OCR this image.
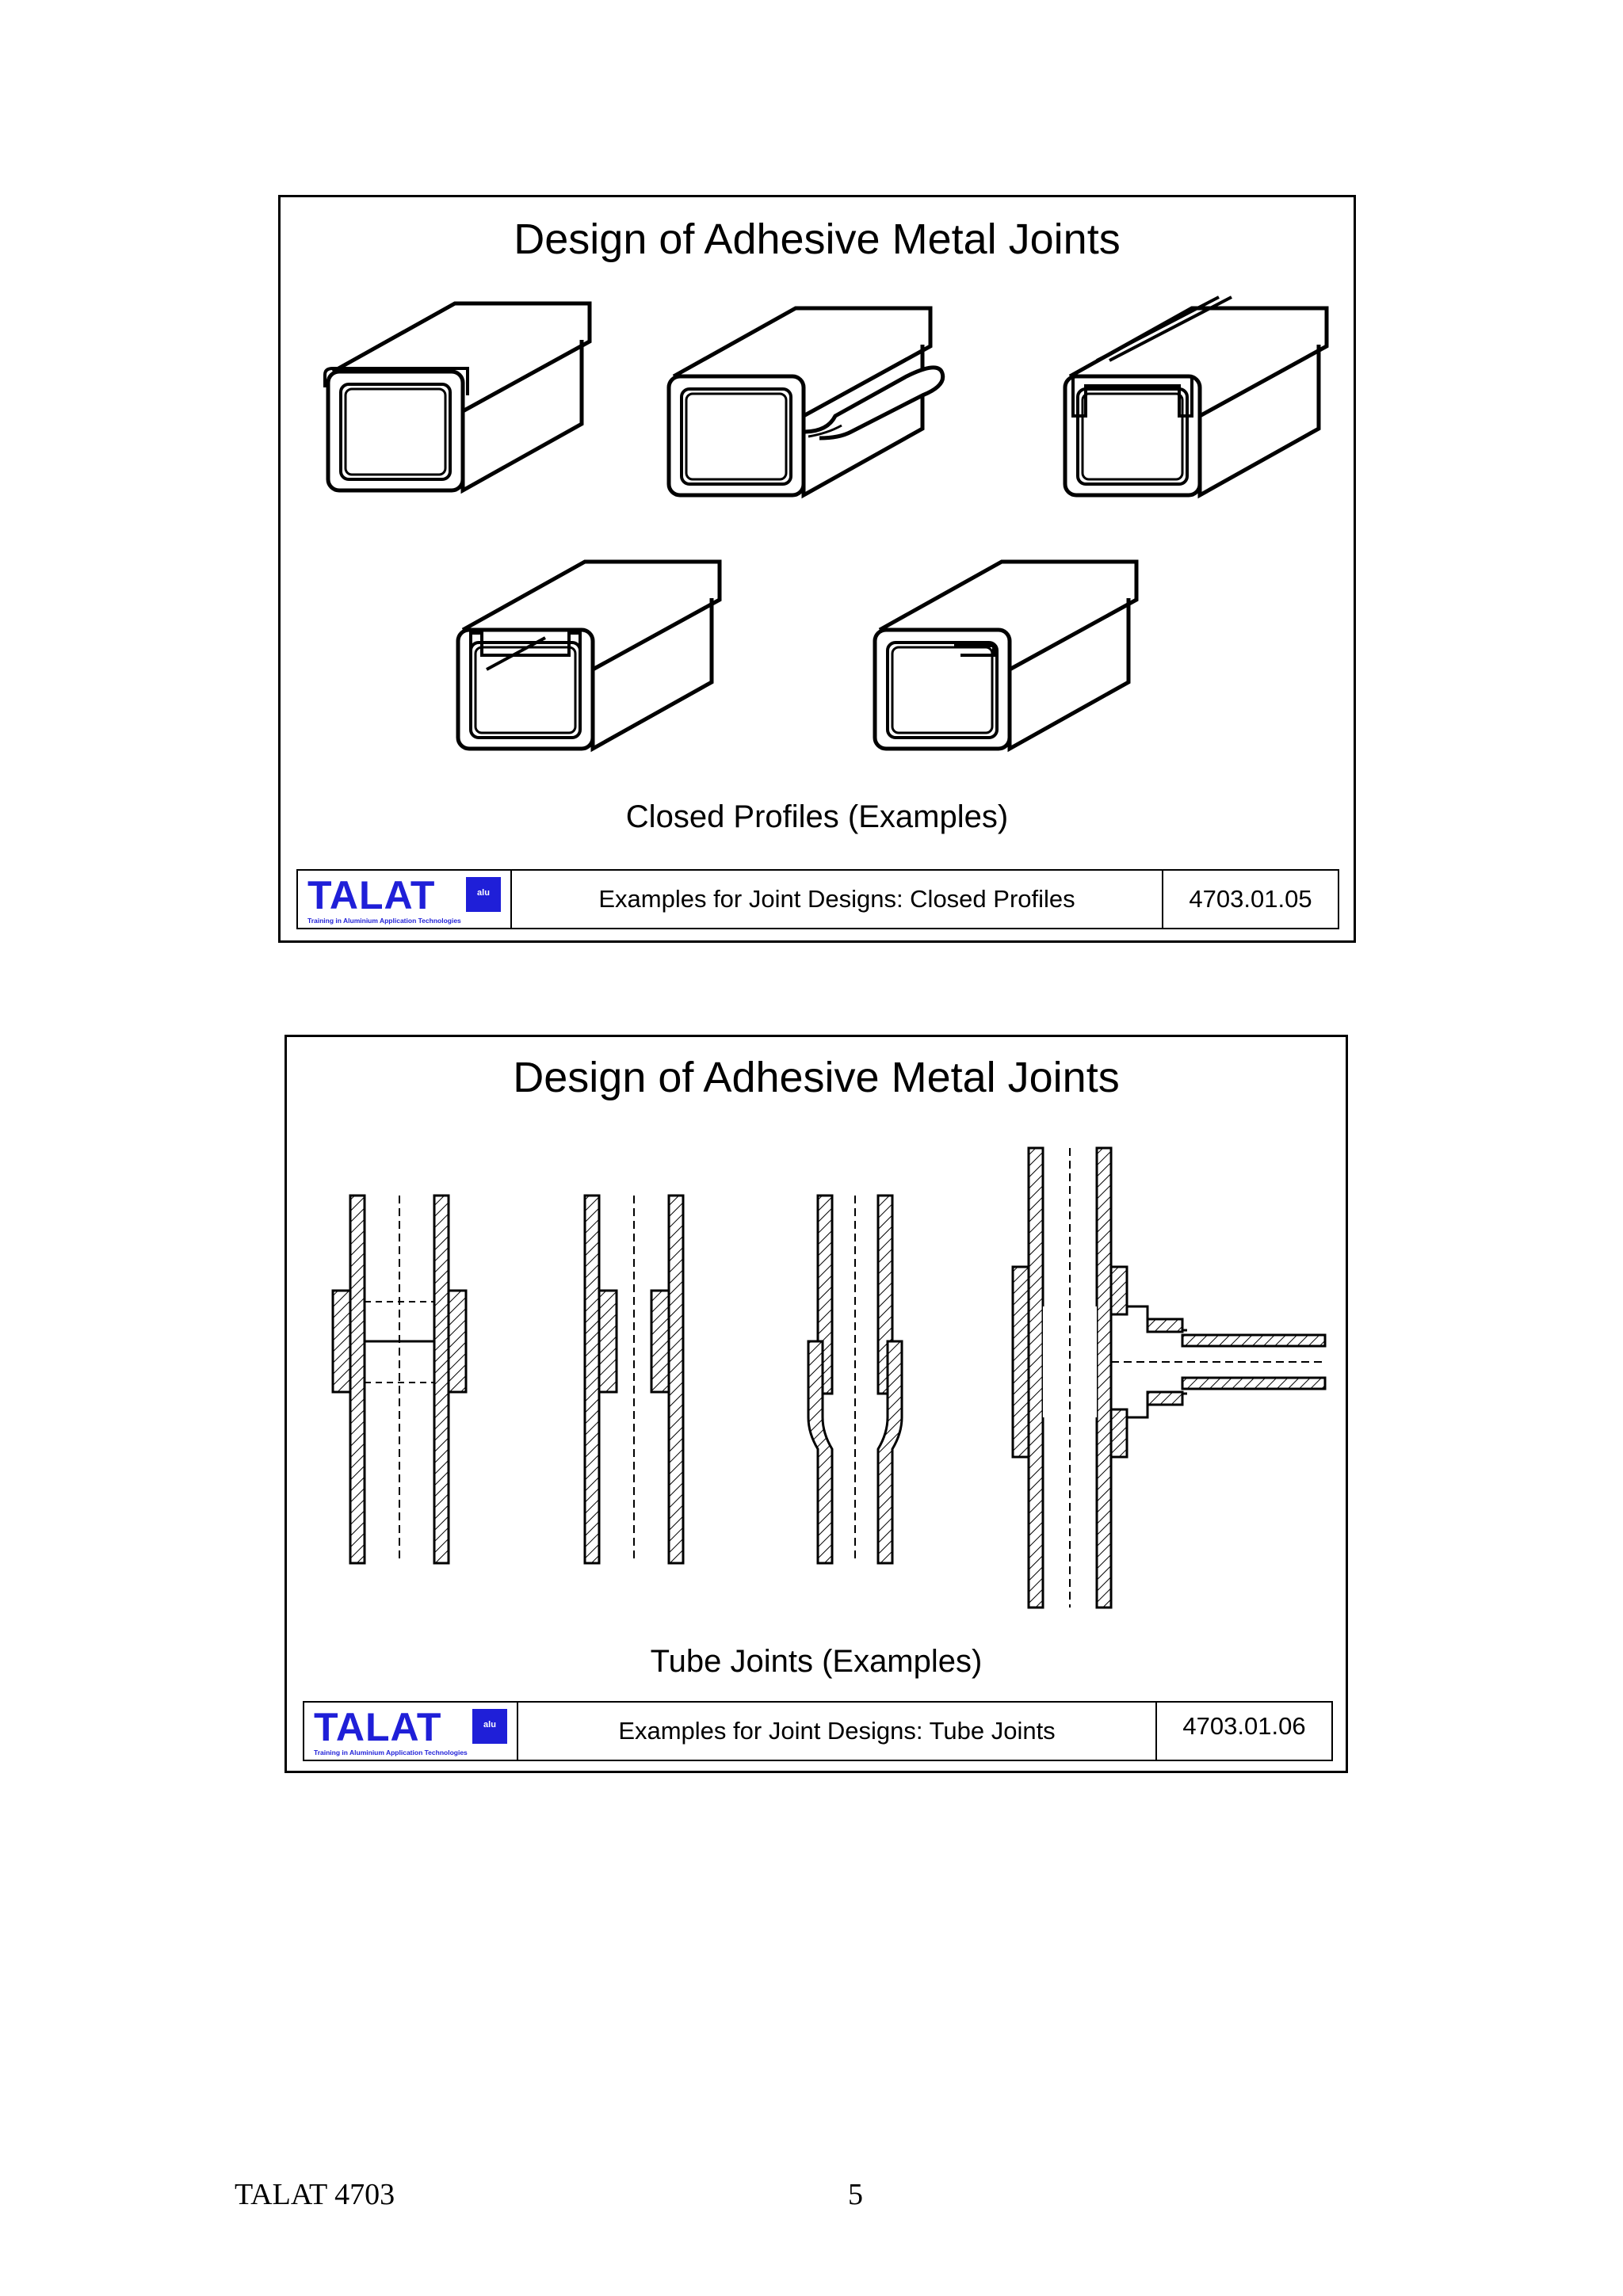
Design of Adhesive Metal Joints
Closed Profiles (Examples)
TALAT	alu
Training in Aluminium Application Technologies
Examples for Joint Designs: Closed Profiles	4703.01.05
Design of Adhesive Metal Joints
Tube Joints (Examples)
TALAT	alu
Training in Aluminium Application Technologies
Examples for Joint Designs: Tube Joints	4703.01.06
TALAT 4703	5
